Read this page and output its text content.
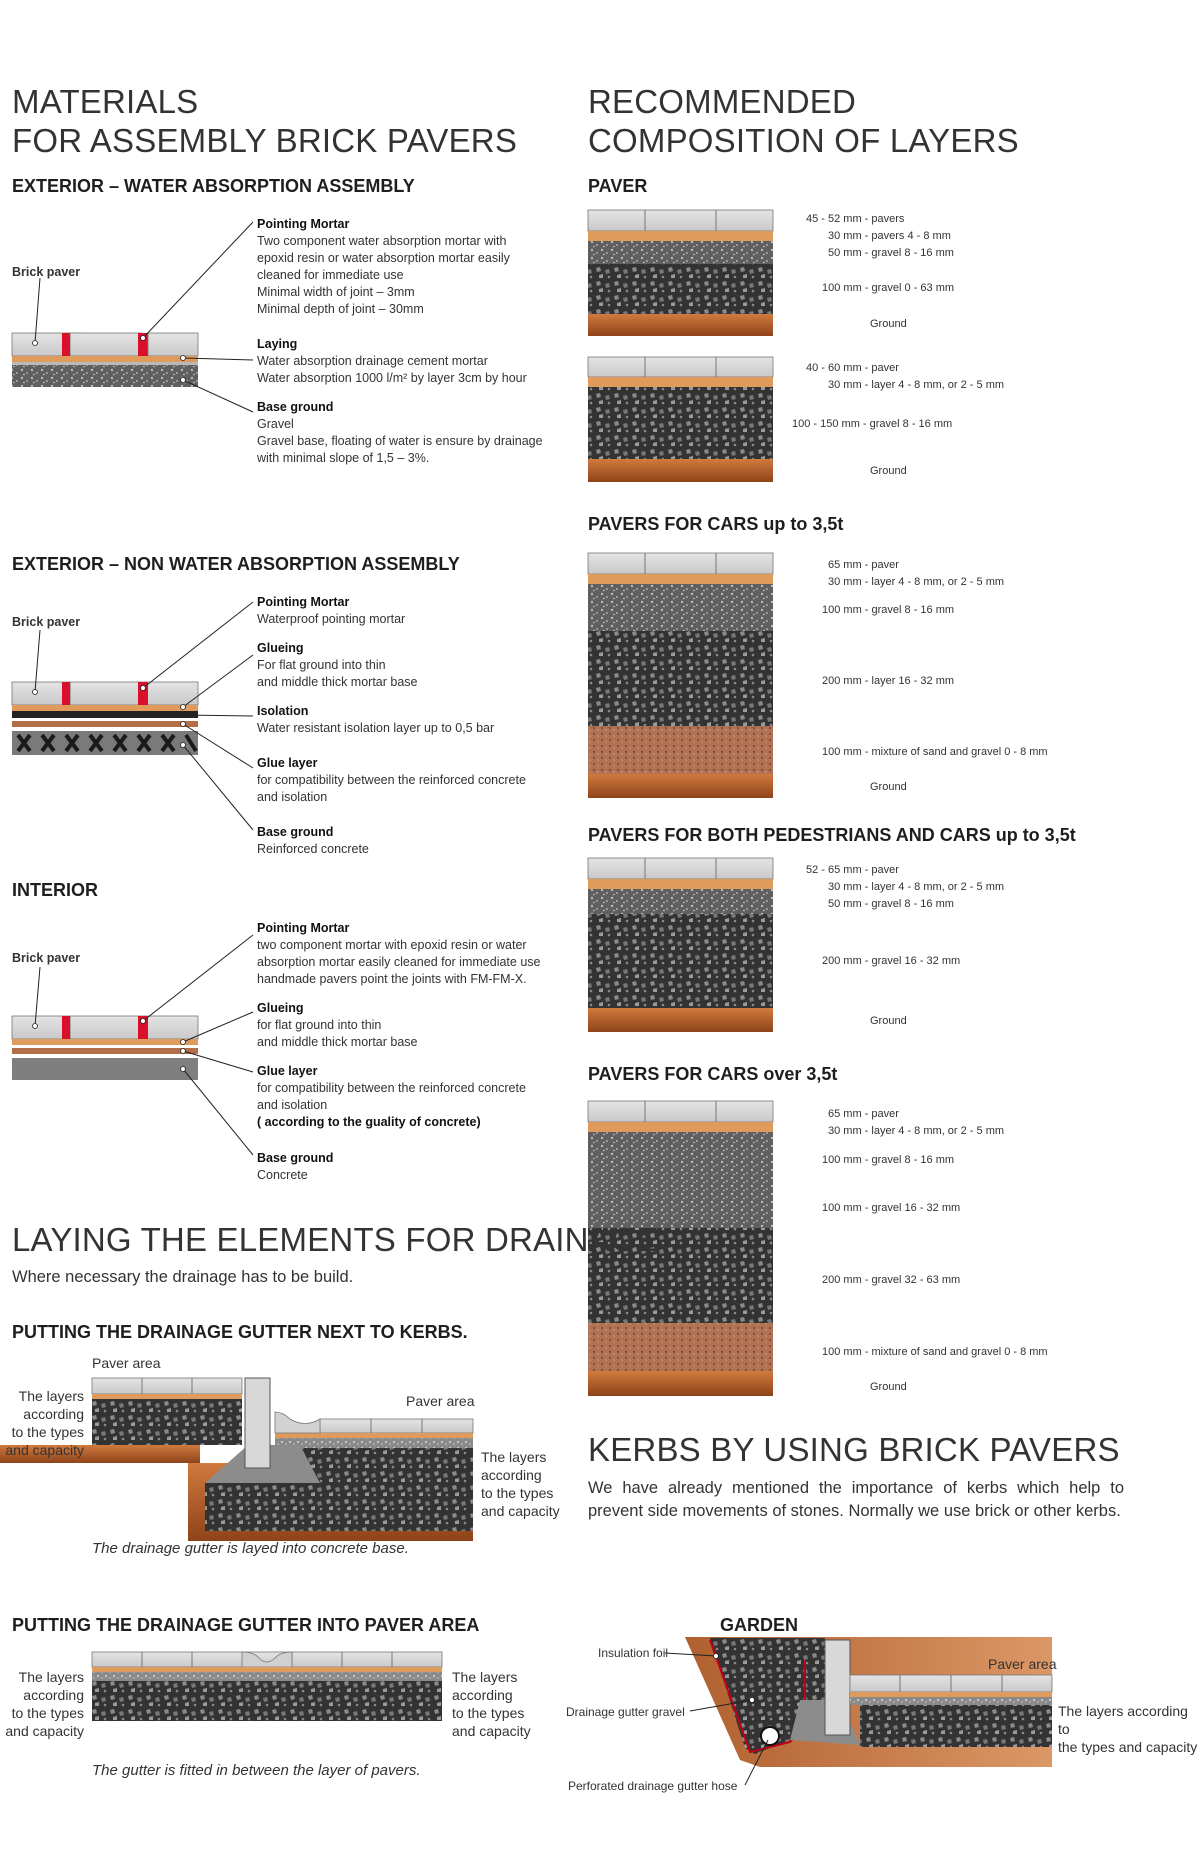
MATERIALS
FOR ASSEMBLY BRICK PAVERS
EXTERIOR – WATER ABSORPTION ASSEMBLY
Brick paver
Pointing Mortar
Two component water absorption mortar with
epoxid resin or water absorption mortar easily
cleaned for immediate use
Minimal width of joint – 3mm
Minimal depth of joint – 30mm
Laying
Water absorption drainage cement mortar
Water absorption 1000 l/m² by layer 3cm by hour
Base ground
Gravel
Gravel base, floating of water is ensure by drainage
with minimal slope of 1,5 – 3%.
EXTERIOR – NON WATER ABSORPTION ASSEMBLY
Brick paver
Pointing Mortar
Waterproof pointing mortar
Glueing
For flat ground into thin
and middle thick mortar base
Isolation
Water resistant isolation layer up to 0,5 bar
Glue layer
for compatibility between the reinforced concrete
and isolation
Base ground
Reinforced concrete
INTERIOR
Brick paver
Pointing Mortar
two component mortar with epoxid resin or water
absorption mortar easily cleaned for immediate use
handmade pavers point the joints with FM-FM-X.
Glueing
for flat ground into thin
and middle thick mortar base
Glue layer
for compatibility between the reinforced concrete
and isolation
( according to the guality of concrete)
Base ground
Concrete
LAYING THE ELEMENTS FOR DRAINAGE
Where necessary the drainage has to be build.
PUTTING THE DRAINAGE GUTTER NEXT TO KERBS.
Paver area
Paver area
The layers
according
to the types
and capacity	The layers
according
to the types
and capacity
The drainage gutter is layed into concrete base.
PUTTING THE DRAINAGE GUTTER INTO PAVER AREA
The layers
according
to the types
and capacity
The layers
according
to the types
and capacity
The gutter is fitted in between the layer of pavers.
RECOMMENDED
COMPOSITION OF LAYERS
PAVER
45 - 52 mm - pavers
30 mm - pavers 4 - 8 mm
50 mm - gravel 8 - 16 mm
100 mm - gravel 0 - 63 mm
Ground
40 - 60 mm - paver
30 mm - layer 4 - 8 mm, or 2 - 5 mm
100 - 150 mm - gravel 8 - 16 mm
Ground
PAVERS FOR CARS up to 3,5t
65 mm - paver
30 mm - layer 4 - 8 mm, or 2 - 5 mm
100 mm - gravel 8 - 16 mm
200 mm - layer 16 - 32 mm
100 mm - mixture of sand and gravel 0 - 8 mm
Ground
PAVERS FOR BOTH PEDESTRIANS AND CARS up to 3,5t
52 - 65 mm - paver
30 mm - layer 4 - 8 mm, or 2 - 5 mm
50 mm - gravel 8 - 16 mm
200 mm - gravel 16 - 32 mm
Ground
PAVERS FOR CARS over 3,5t
65 mm - paver
30 mm - layer 4 - 8 mm, or 2 - 5 mm
100 mm - gravel 8 - 16 mm
100 mm - gravel 16 - 32 mm
200 mm - gravel 32 - 63 mm
100 mm - mixture of sand and gravel 0 - 8 mm
Ground
KERBS BY USING BRICK PAVERS
We have already mentioned the importance of kerbs which help to prevent side movements of stones. Normally we use brick or other kerbs.
GARDEN
Insulation foil
Paver area
Drainage gutter gravel	The layers according to
the types and capacity
Perforated drainage gutter hose
